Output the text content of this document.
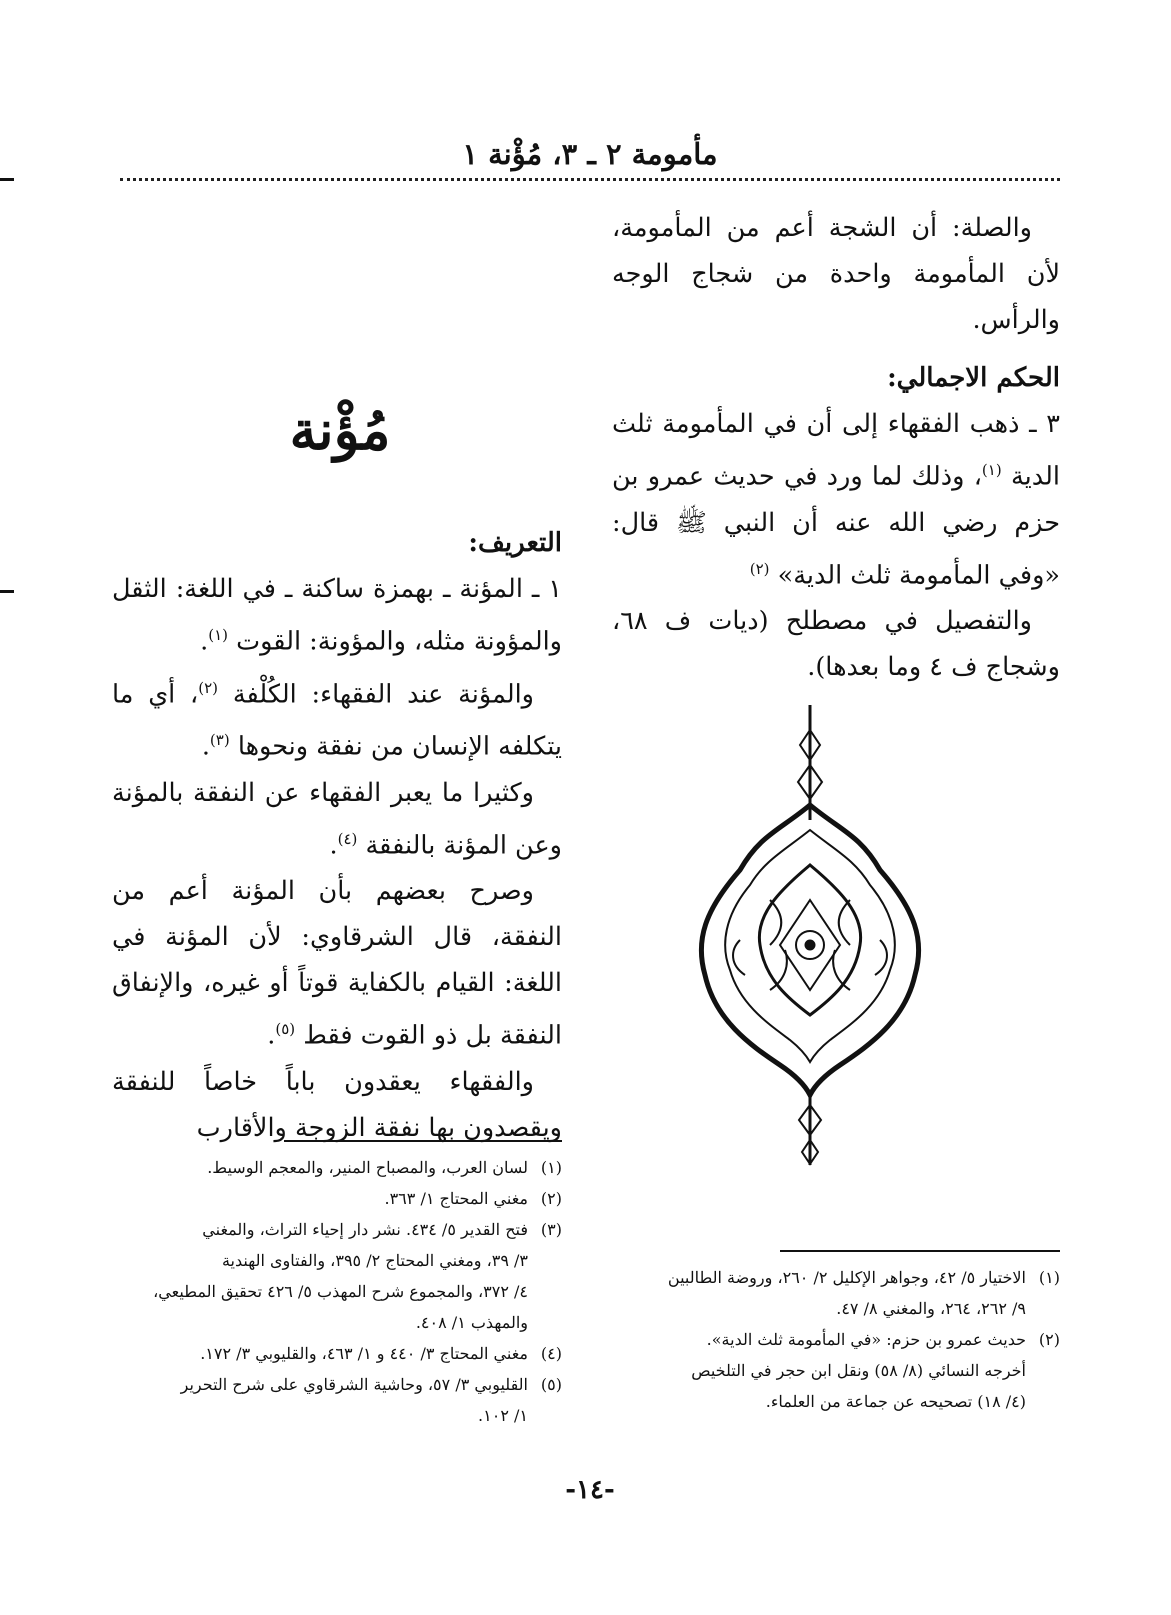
مأمومة ٢ ـ ٣، مُؤْنة ١

والصلة: أن الشجة أعم من المأمومة، لأن المأمومة واحدة من شجاج الوجه والرأس.

الحكم الاجمالي:

٣ ـ ذهب الفقهاء إلى أن في المأمومة ثلث الدية $^{(١)}$، وذلك لما ورد في حديث عمرو بن حزم رضي الله عنه أن النبي ﷺ قال: «وفي المأمومة ثلث الدية» $^{(٢)}$

والتفصيل في مصطلح (ديات ف ٦٨، وشجاج ف ٤ وما بعدها).

مُؤْنة

التعريف:

١ ـ المؤنة ـ بهمزة ساكنة ـ في اللغة: الثقل والمؤونة مثله، والمؤونة: القوت $^{(١)}$.

والمؤنة عند الفقهاء: الكُلْفة $^{(٢)}$، أي ما يتكلفه الإنسان من نفقة ونحوها $^{(٣)}$.

وكثيرا ما يعبر الفقهاء عن النفقة بالمؤنة وعن المؤنة بالنفقة $^{(٤)}$.

وصرح بعضهم بأن المؤنة أعم من النفقة، قال الشرقاوي: لأن المؤنة في اللغة: القيام بالكفاية قوتاً أو غيره، والإنفاق النفقة بل ذو القوت فقط $^{(٥)}$.

والفقهاء يعقدون باباً خاصاً للنفقة ويقصدون بها نفقة الزوجة والأقارب

(١)الاختيار ٥/ ٤٢، وجواهر الإكليل ٢/ ٢٦٠، وروضة الطالبين
٩/ ٢٦٢، ٢٦٤، والمغني ٨/ ٤٧.

(٢)حديث عمرو بن حزم: «في المأمومة ثلث الدية».
أخرجه النسائي (٨/ ٥٨) ونقل ابن حجر في التلخيص
(٤/ ١٨) تصحيحه عن جماعة من العلماء.

(١)لسان العرب، والمصباح المنير، والمعجم الوسيط.

(٢)مغني المحتاج ١/ ٣٦٣.

(٣)فتح القدير ٥/ ٤٣٤. نشر دار إحياء التراث، والمغني
٣/ ٣٩، ومغني المحتاج ٢/ ٣٩٥، والفتاوى الهندية
٤/ ٣٧٢، والمجموع شرح المهذب ٥/ ٤٢٦ تحقيق المطيعي،
والمهذب ١/ ٤٠٨.

(٤)مغني المحتاج ٣/ ٤٤٠ و ١/ ٤٦٣، والقليوبي ٣/ ١٧٢.

(٥)القليوبي ٣/ ٥٧، وحاشية الشرقاوي على شرح التحرير
١/ ١٠٢.

-١٤-
